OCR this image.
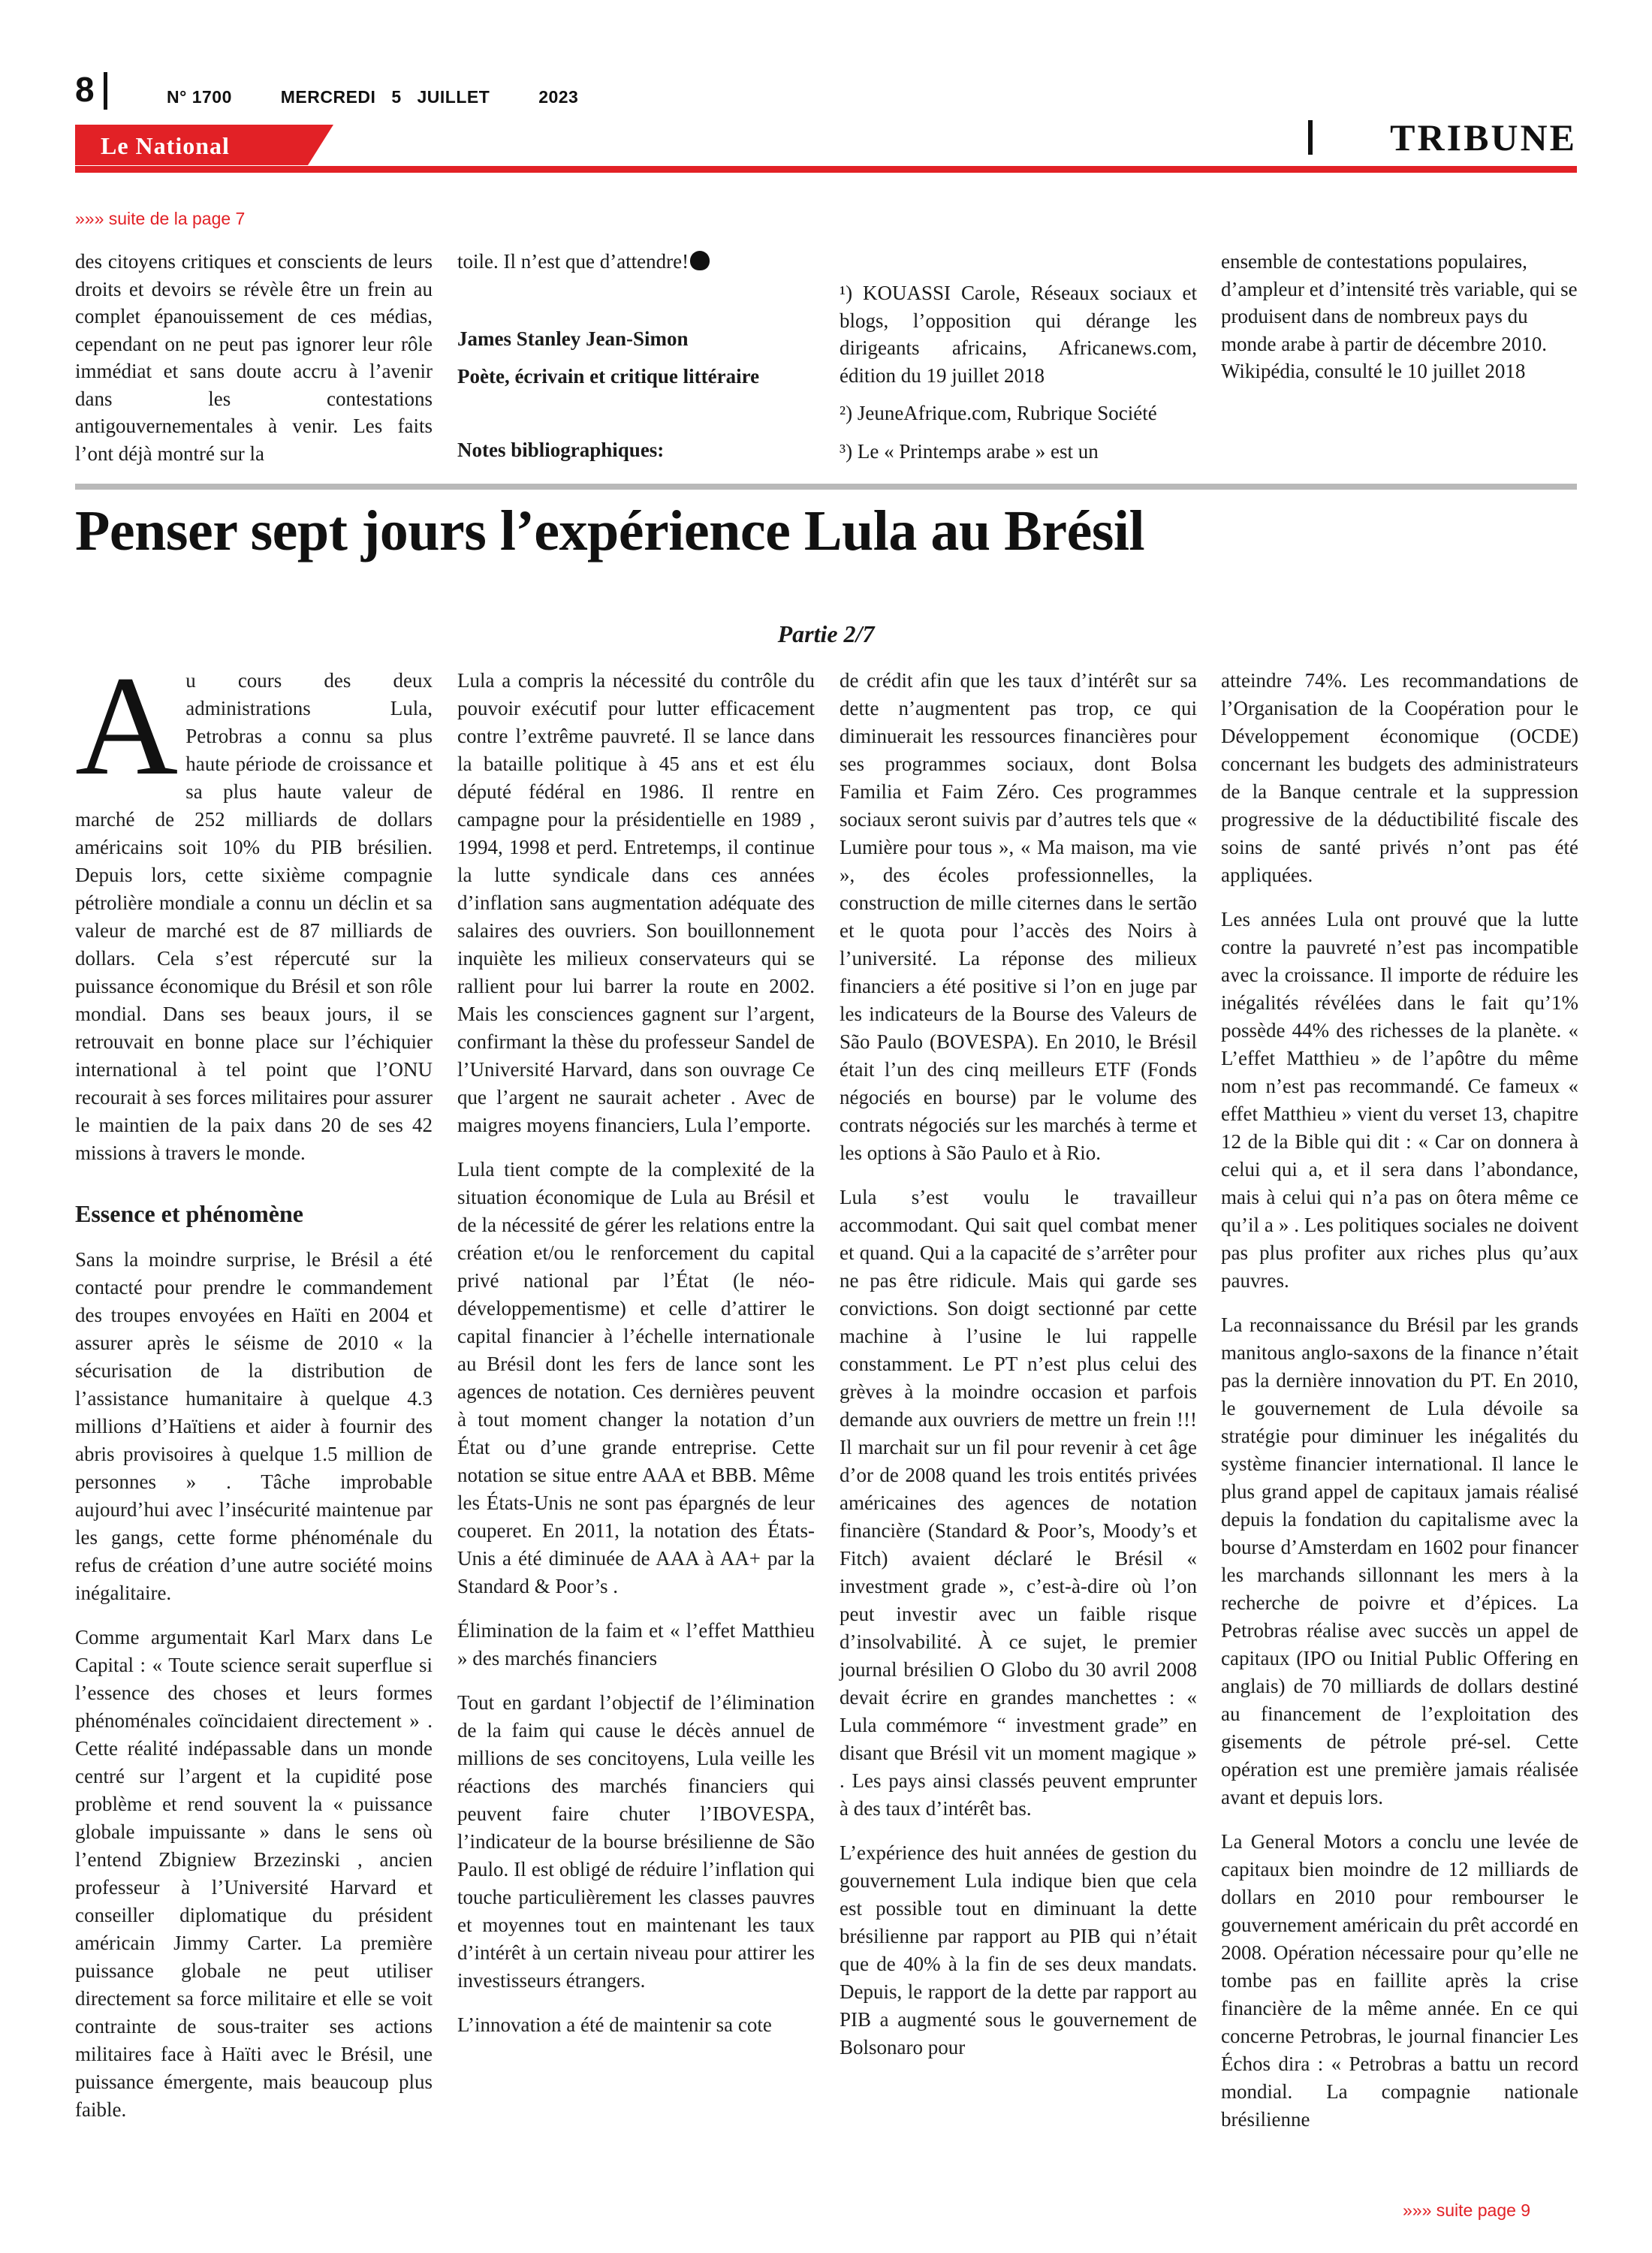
8	N° 1700	MERCREDI 5 JUILLET	2023
Le National	TRIBUNE
»»» suite de la page 7

des citoyens critiques et conscients de leurs droits et devoirs se révèle être un frein au complet épanouissement de ces médias, cependant on ne peut pas ignorer leur rôle immédiat et sans doute accru à l’avenir dans les contestations antigouvernementales à venir. Les faits l’ont déjà montré sur la

toile. Il n’est que d’attendre!

James Stanley Jean-Simon
Poète, écrivain et critique littéraire
Notes bibliographiques:

¹) KOUASSI Carole, Réseaux sociaux et blogs, l’opposition qui dérange les dirigeants africains, Africanews.com, édition du 19 juillet 2018

²) JeuneAfrique.com, Rubrique Société

³) Le « Printemps arabe » est un

ensemble de contestations populaires, d’ampleur et d’intensité très variable, qui se produisent dans de nombreux pays du monde arabe à partir de décembre 2010. Wikipédia, consulté le 10 juillet 2018

Penser sept jours l’expérience Lula au Brésil
Partie 2/7

Au cours des deux administrations Lula, Petrobras a connu sa plus haute période de croissance et sa plus haute valeur de marché de 252 milliards de dollars américains soit 10% du PIB brésilien. Depuis lors, cette sixième compagnie pétrolière mondiale a connu un déclin et sa valeur de marché est de 87 milliards de dollars. Cela s’est répercuté sur la puissance économique du Brésil et son rôle mondial. Dans ses beaux jours, il se retrouvait en bonne place sur l’échiquier international à tel point que l’ONU recourait à ses forces militaires pour assurer le maintien de la paix dans 20 de ses 42 missions à travers le monde.

Essence et phénomène

Sans la moindre surprise, le Brésil a été contacté pour prendre le commandement des troupes envoyées en Haïti en 2004 et assurer après le séisme de 2010 « la sécurisation de la distribution de l’assistance humanitaire à quelque 4.3 millions d’Haïtiens et aider à fournir des abris provisoires à quelque 1.5 million de personnes » . Tâche improbable aujourd’hui avec l’insécurité maintenue par les gangs, cette forme phénoménale du refus de création d’une autre société moins inégalitaire.

Comme argumentait Karl Marx dans Le Capital : « Toute science serait superflue si l’essence des choses et leurs formes phénoménales coïncidaient directement » . Cette réalité indépassable dans un monde centré sur l’argent et la cupidité pose problème et rend souvent la « puissance globale impuissante » dans le sens où l’entend Zbigniew Brzezinski , ancien professeur à l’Université Harvard et conseiller diplomatique du président américain Jimmy Carter. La première puissance globale ne peut utiliser directement sa force militaire et elle se voit contrainte de sous-traiter ses actions militaires face à Haïti avec le Brésil, une puissance émergente, mais beaucoup plus faible.

Lula a compris la nécessité du contrôle du pouvoir exécutif pour lutter efficacement contre l’extrême pauvreté. Il se lance dans la bataille politique à 45 ans et est élu député fédéral en 1986. Il rentre en campagne pour la présidentielle en 1989 , 1994, 1998 et perd. Entretemps, il continue la lutte syndicale dans ces années d’inflation sans augmentation adéquate des salaires des ouvriers. Son bouillonnement inquiète les milieux conservateurs qui se rallient pour lui barrer la route en 2002. Mais les consciences gagnent sur l’argent, confirmant la thèse du professeur Sandel de l’Université Harvard, dans son ouvrage Ce que l’argent ne saurait acheter . Avec de maigres moyens financiers, Lula l’emporte.

Lula tient compte de la complexité de la situation économique de Lula au Brésil et de la nécessité de gérer les relations entre la création et/ou le renforcement du capital privé national par l’État (le néo-développementisme) et celle d’attirer le capital financier à l’échelle internationale au Brésil dont les fers de lance sont les agences de notation. Ces dernières peuvent à tout moment changer la notation d’un État ou d’une grande entreprise. Cette notation se situe entre AAA et BBB. Même les États-Unis ne sont pas épargnés de leur couperet. En 2011, la notation des États-Unis a été diminuée de AAA à AA+ par la Standard & Poor’s .

Élimination de la faim et « l’effet Matthieu » des marchés financiers

Tout en gardant l’objectif de l’élimination de la faim qui cause le décès annuel de millions de ses concitoyens, Lula veille les réactions des marchés financiers qui peuvent faire chuter l’IBOVESPA, l’indicateur de la bourse brésilienne de São Paulo. Il est obligé de réduire l’inflation qui touche particulièrement les classes pauvres et moyennes tout en maintenant les taux d’intérêt à un certain niveau pour attirer les investisseurs étrangers.

L’innovation a été de maintenir sa cote

de crédit afin que les taux d’intérêt sur sa dette n’augmentent pas trop, ce qui diminuerait les ressources financières pour ses programmes sociaux, dont Bolsa Familia et Faim Zéro. Ces programmes sociaux seront suivis par d’autres tels que « Lumière pour tous », « Ma maison, ma vie », des écoles professionnelles, la construction de mille citernes dans le sertão et le quota pour l’accès des Noirs à l’université. La réponse des milieux financiers a été positive si l’on en juge par les indicateurs de la Bourse des Valeurs de São Paulo (BOVESPA). En 2010, le Brésil était l’un des cinq meilleurs ETF (Fonds négociés en bourse) par le volume des contrats négociés sur les marchés à terme et les options à São Paulo et à Rio.

Lula s’est voulu le travailleur accommodant. Qui sait quel combat mener et quand. Qui a la capacité de s’arrêter pour ne pas être ridicule. Mais qui garde ses convictions. Son doigt sectionné par cette machine à l’usine le lui rappelle constamment. Le PT n’est plus celui des grèves à la moindre occasion et parfois demande aux ouvriers de mettre un frein !!! Il marchait sur un fil pour revenir à cet âge d’or de 2008 quand les trois entités privées américaines des agences de notation financière (Standard & Poor’s, Moody’s et Fitch) avaient déclaré le Brésil « investment grade », c’est-à-dire où l’on peut investir avec un faible risque d’insolvabilité. À ce sujet, le premier journal brésilien O Globo du 30 avril 2008 devait écrire en grandes manchettes : « Lula commémore “ investment grade” en disant que Brésil vit un moment magique » . Les pays ainsi classés peuvent emprunter à des taux d’intérêt bas.

L’expérience des huit années de gestion du gouvernement Lula indique bien que cela est possible tout en diminuant la dette brésilienne par rapport au PIB qui n’était que de 40% à la fin de ses deux mandats. Depuis, le rapport de la dette par rapport au PIB a augmenté sous le gouvernement de Bolsonaro pour

atteindre 74%. Les recommandations de l’Organisation de la Coopération pour le Développement économique (OCDE) concernant les budgets des administrateurs de la Banque centrale et la suppression progressive de la déductibilité fiscale des soins de santé privés n’ont pas été appliquées.

Les années Lula ont prouvé que la lutte contre la pauvreté n’est pas incompatible avec la croissance. Il importe de réduire les inégalités révélées dans le fait qu’1% possède 44% des richesses de la planète. « L’effet Matthieu » de l’apôtre du même nom n’est pas recommandé. Ce fameux « effet Matthieu » vient du verset 13, chapitre 12 de la Bible qui dit : « Car on donnera à celui qui a, et il sera dans l’abondance, mais à celui qui n’a pas on ôtera même ce qu’il a » . Les politiques sociales ne doivent pas plus profiter aux riches plus qu’aux pauvres.

La reconnaissance du Brésil par les grands manitous anglo-saxons de la finance n’était pas la dernière innovation du PT. En 2010, le gouvernement de Lula dévoile sa stratégie pour diminuer les inégalités du système financier international. Il lance le plus grand appel de capitaux jamais réalisé depuis la fondation du capitalisme avec la bourse d’Amsterdam en 1602 pour financer les marchands sillonnant les mers à la recherche de poivre et d’épices. La Petrobras réalise avec succès un appel de capitaux (IPO ou Initial Public Offering en anglais) de 70 milliards de dollars destiné au financement de l’exploitation des gisements de pétrole pré-sel. Cette opération est une première jamais réalisée avant et depuis lors.

La General Motors a conclu une levée de capitaux bien moindre de 12 milliards de dollars en 2010 pour rembourser le gouvernement américain du prêt accordé en 2008. Opération nécessaire pour qu’elle ne tombe pas en faillite après la crise financière de la même année. En ce qui concerne Petrobras, le journal financier Les Échos dira : « Petrobras a battu un record mondial. La compagnie nationale brésilienne

»»» suite page 9
